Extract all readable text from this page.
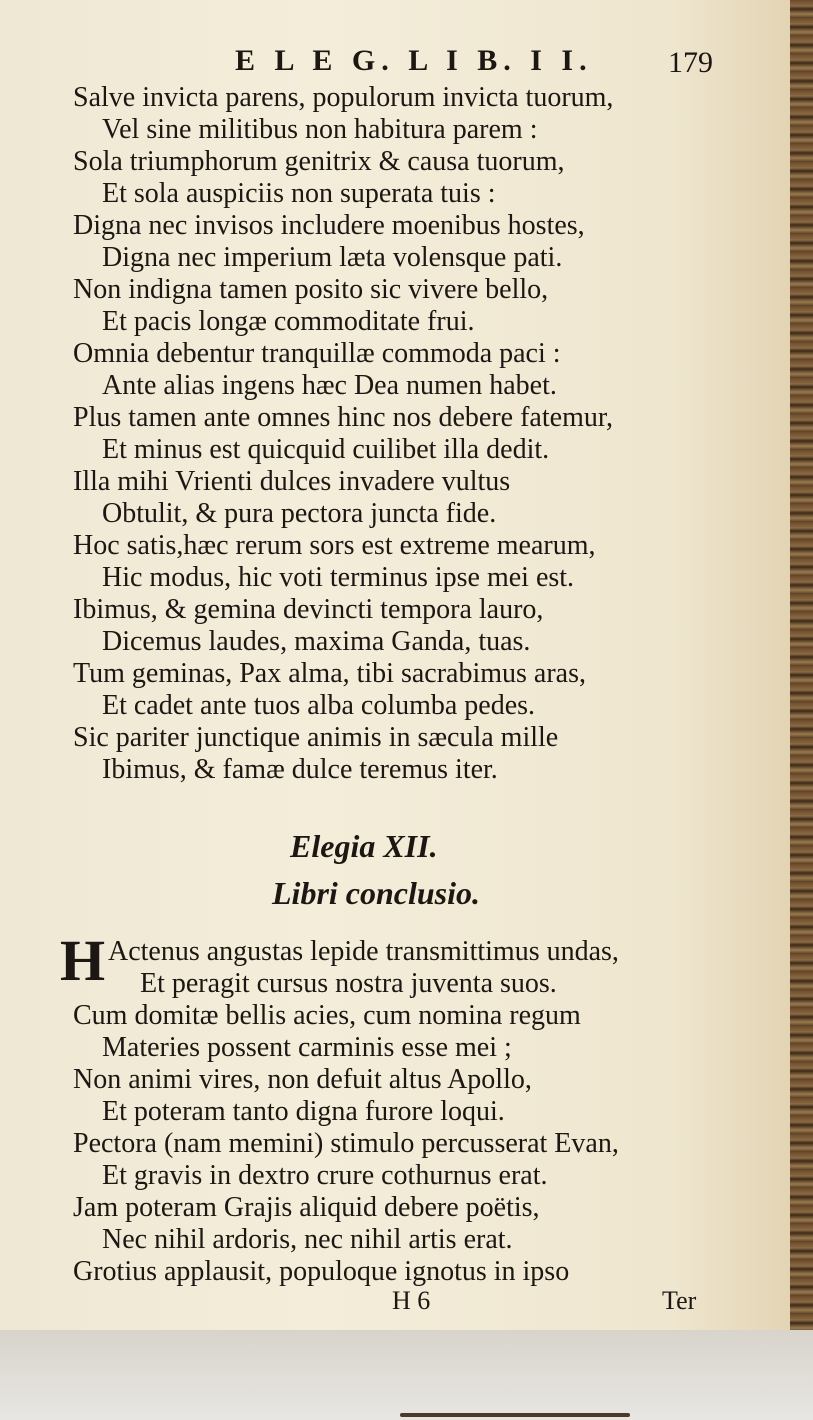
E L E G. L I B. I I.	179
Salve invicta parens, populorum invicta tuorum,
Vel sine militibus non habitura parem :
Sola triumphorum genitrix & causa tuorum,
Et sola auspiciis non superata tuis :
Digna nec invisos includere moenibus hostes,
Digna nec imperium læta volensque pati.
Non indigna tamen posito sic vivere bello,
Et pacis longæ commoditate frui.
Omnia debentur tranquillæ commoda paci :
Ante alias ingens hæc Dea numen habet.
Plus tamen ante omnes hinc nos debere fatemur,
Et minus est quicquid cuilibet illa dedit.
Illa mihi Vrienti dulces invadere vultus
Obtulit, & pura pectora juncta fide.
Hoc satis,hæc rerum sors est extreme mearum,
Hic modus, hic voti terminus ipse mei est.
Ibimus, & gemina devincti tempora lauro,
Dicemus laudes, maxima Ganda, tuas.
Tum geminas, Pax alma, tibi sacrabimus aras,
Et cadet ante tuos alba columba pedes.
Sic pariter junctique animis in sæcula mille
Ibimus, & famæ dulce teremus iter.
Elegia XII.
Libri conclusio.
H Actenus angustas lepide transmittimus undas,
Et peragit cursus nostra juventa suos.
Cum domitæ bellis acies, cum nomina regum
Materies possent carminis esse mei ;
Non animi vires, non defuit altus Apollo,
Et poteram tanto digna furore loqui.
Pectora (nam memini) stimulo percusserat Evan,
Et gravis in dextro crure cothurnus erat.
Jam poteram Grajis aliquid debere poëtis,
Nec nihil ardoris, nec nihil artis erat.
Grotius applausit, populoque ignotus in ipso
H 6	Ter
